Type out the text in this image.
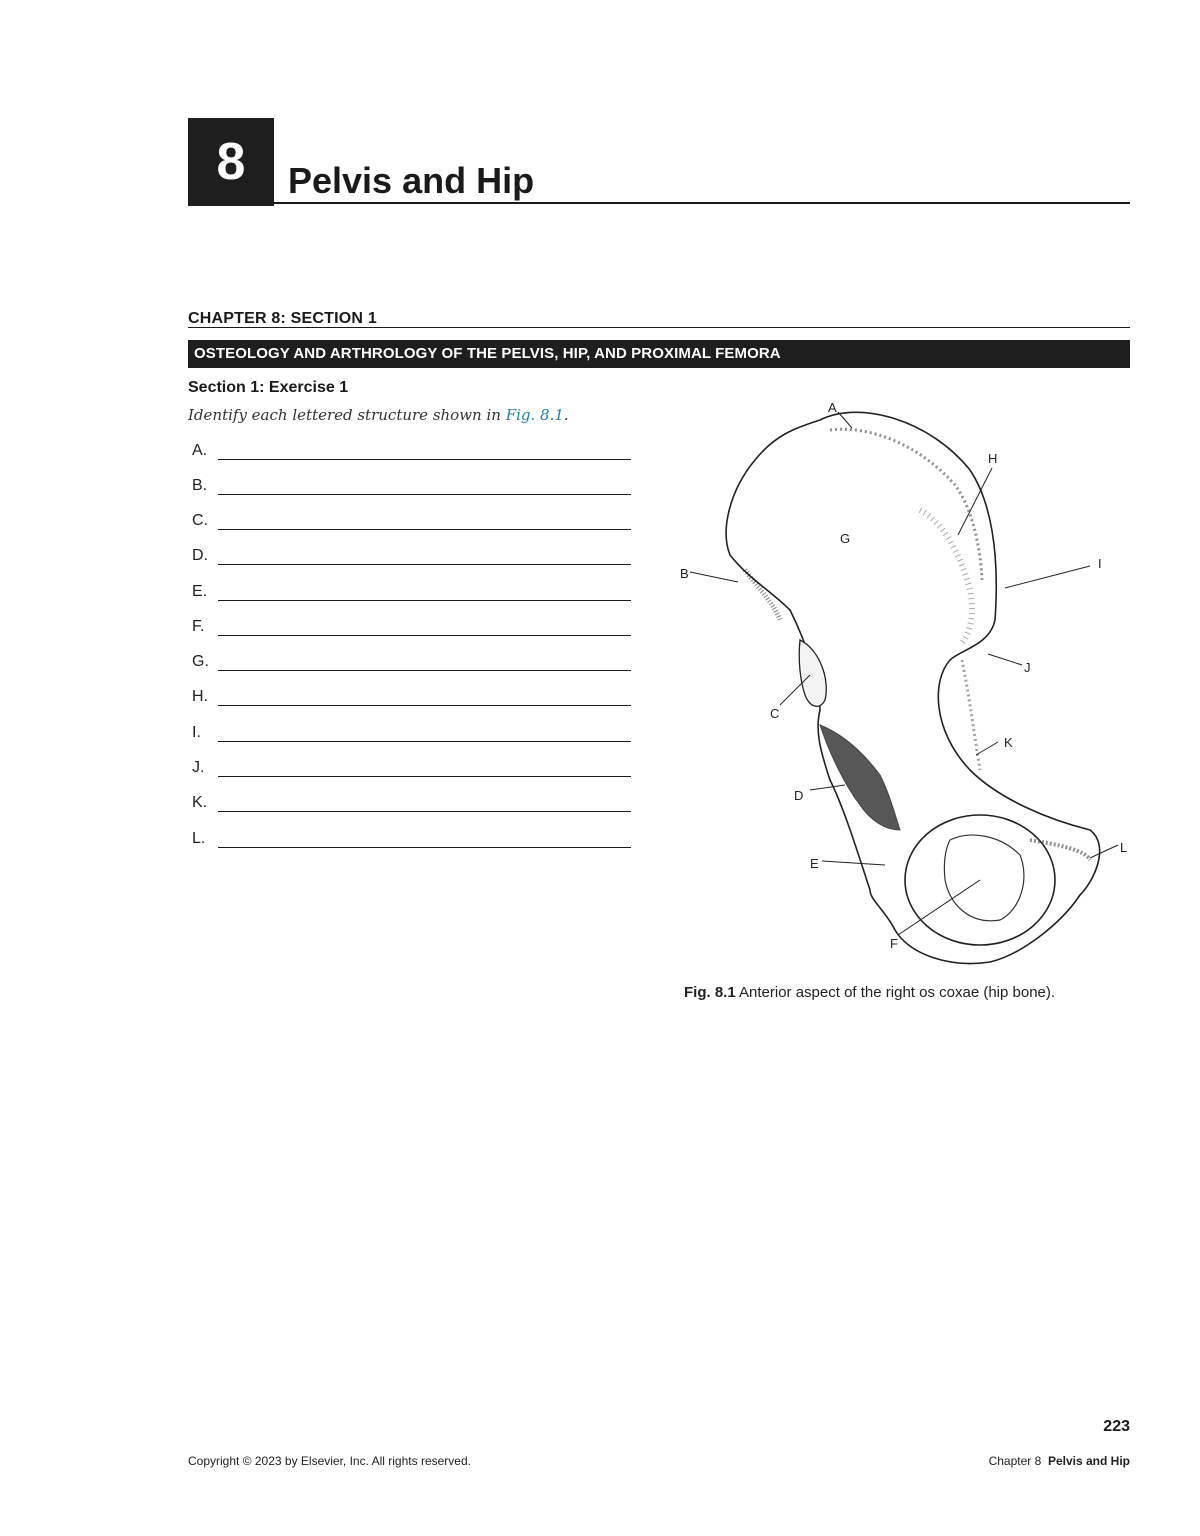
8	Pelvis and Hip
CHAPTER 8: SECTION 1
OSTEOLOGY AND ARTHROLOGY OF THE PELVIS, HIP, AND PROXIMAL FEMORA
Section 1: Exercise 1
Identify each lettered structure shown in Fig. 8.1.
A.
B.
C.
D.
E.
F.
G.
H.
I.
J.
K.
L.
A
B
C
D
E
F
G
H
I
J
K
L
Fig. 8.1 Anterior aspect of the right os coxae (hip bone).
223
Copyright © 2023 by Elsevier, Inc. All rights reserved.	Chapter 8 Pelvis and Hip
